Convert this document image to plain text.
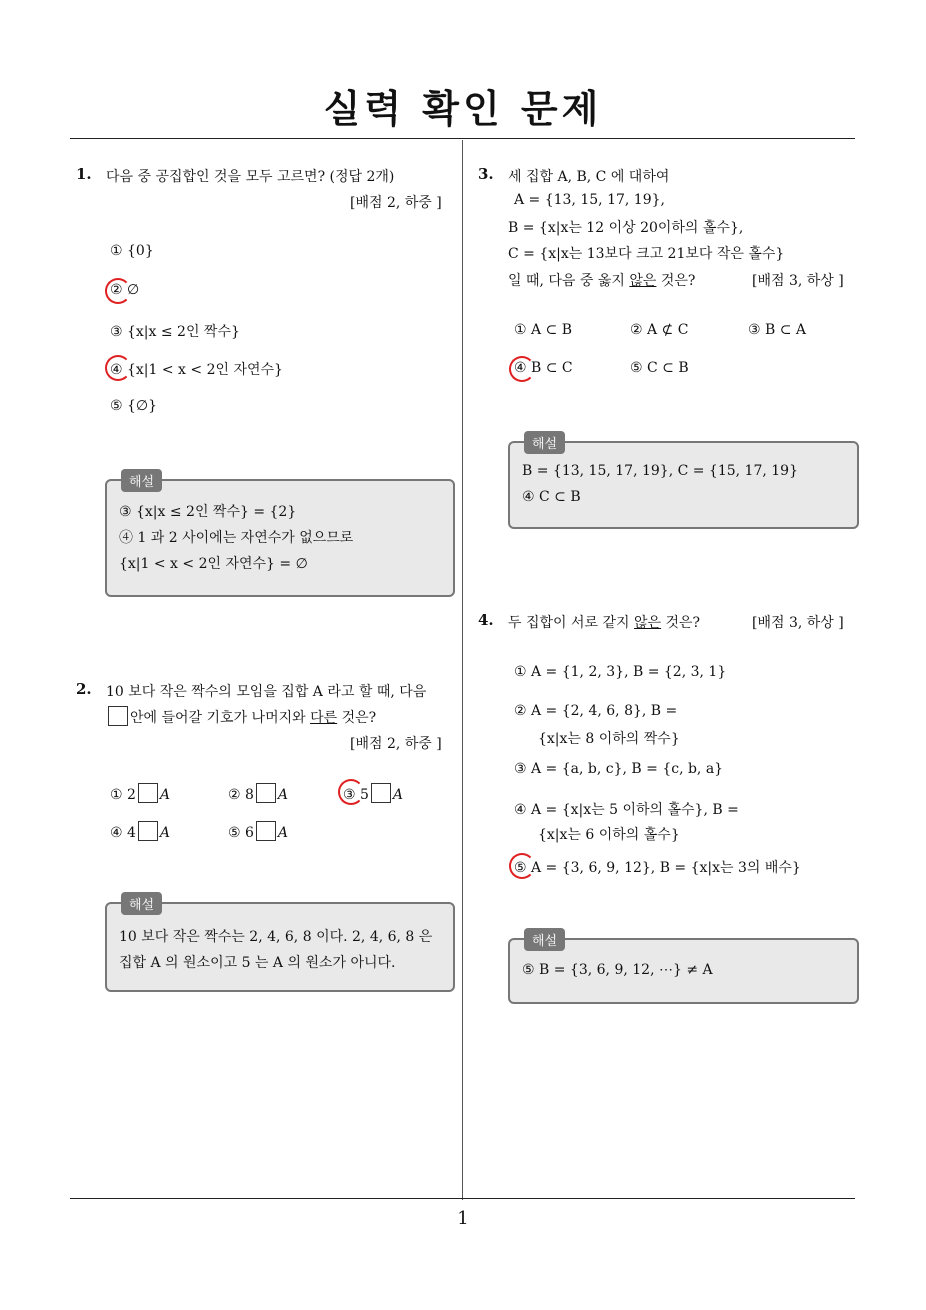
실력 확인 문제
1
1. 다음 중 공집합인 것을 모두 고르면? (정답 2개)
[배점 2, 하중 ]
① {0}
② ∅
③ {x|x ≤ 2인 짝수}
④ {x|1 < x < 2인 자연수}
⑤ {∅}
해설
③ {x|x ≤ 2인 짝수} = {2}
④ 1 과 2 사이에는 자연수가 없으므로
{x|1 < x < 2인 자연수} = ∅
2. 10 보다 작은 짝수의 모임을 집합 A 라고 할 때, 다음
안에 들어갈 기호가 나머지와 다른 것은?
[배점 2, 하중 ]
① 2 A	② 8 A	③ 5 A
④ 4 A	⑤ 6 A
해설
10 보다 작은 짝수는 2, 4, 6, 8 이다. 2, 4, 6, 8 은
집합 A 의 원소이고 5 는 A 의 원소가 아니다.
3. 세 집합 A, B, C 에 대하여
A = {13, 15, 17, 19},
B = {x|x는 12 이상 20이하의 홀수},
C = {x|x는 13보다 크고 21보다 작은 홀수}
일 때, 다음 중 옳지 않은 것은?	[배점 3, 하상 ]
① A ⊂ B	② A ⊄ C	③ B ⊂ A
④ B ⊂ C	⑤ C ⊂ B
해설
B = {13, 15, 17, 19}, C = {15, 17, 19}
④ C ⊂ B
4. 두 집합이 서로 같지 않은 것은?	[배점 3, 하상 ]
① A = {1, 2, 3}, B = {2, 3, 1}
② A = {2, 4, 6, 8}, B =
{x|x는 8 이하의 짝수}
③ A = {a, b, c}, B = {c, b, a}
④ A = {x|x는 5 이하의 홀수}, B =
{x|x는 6 이하의 홀수}
⑤ A = {3, 6, 9, 12}, B = {x|x는 3의 배수}
해설
⑤ B = {3, 6, 9, 12, ⋯} ≠ A
